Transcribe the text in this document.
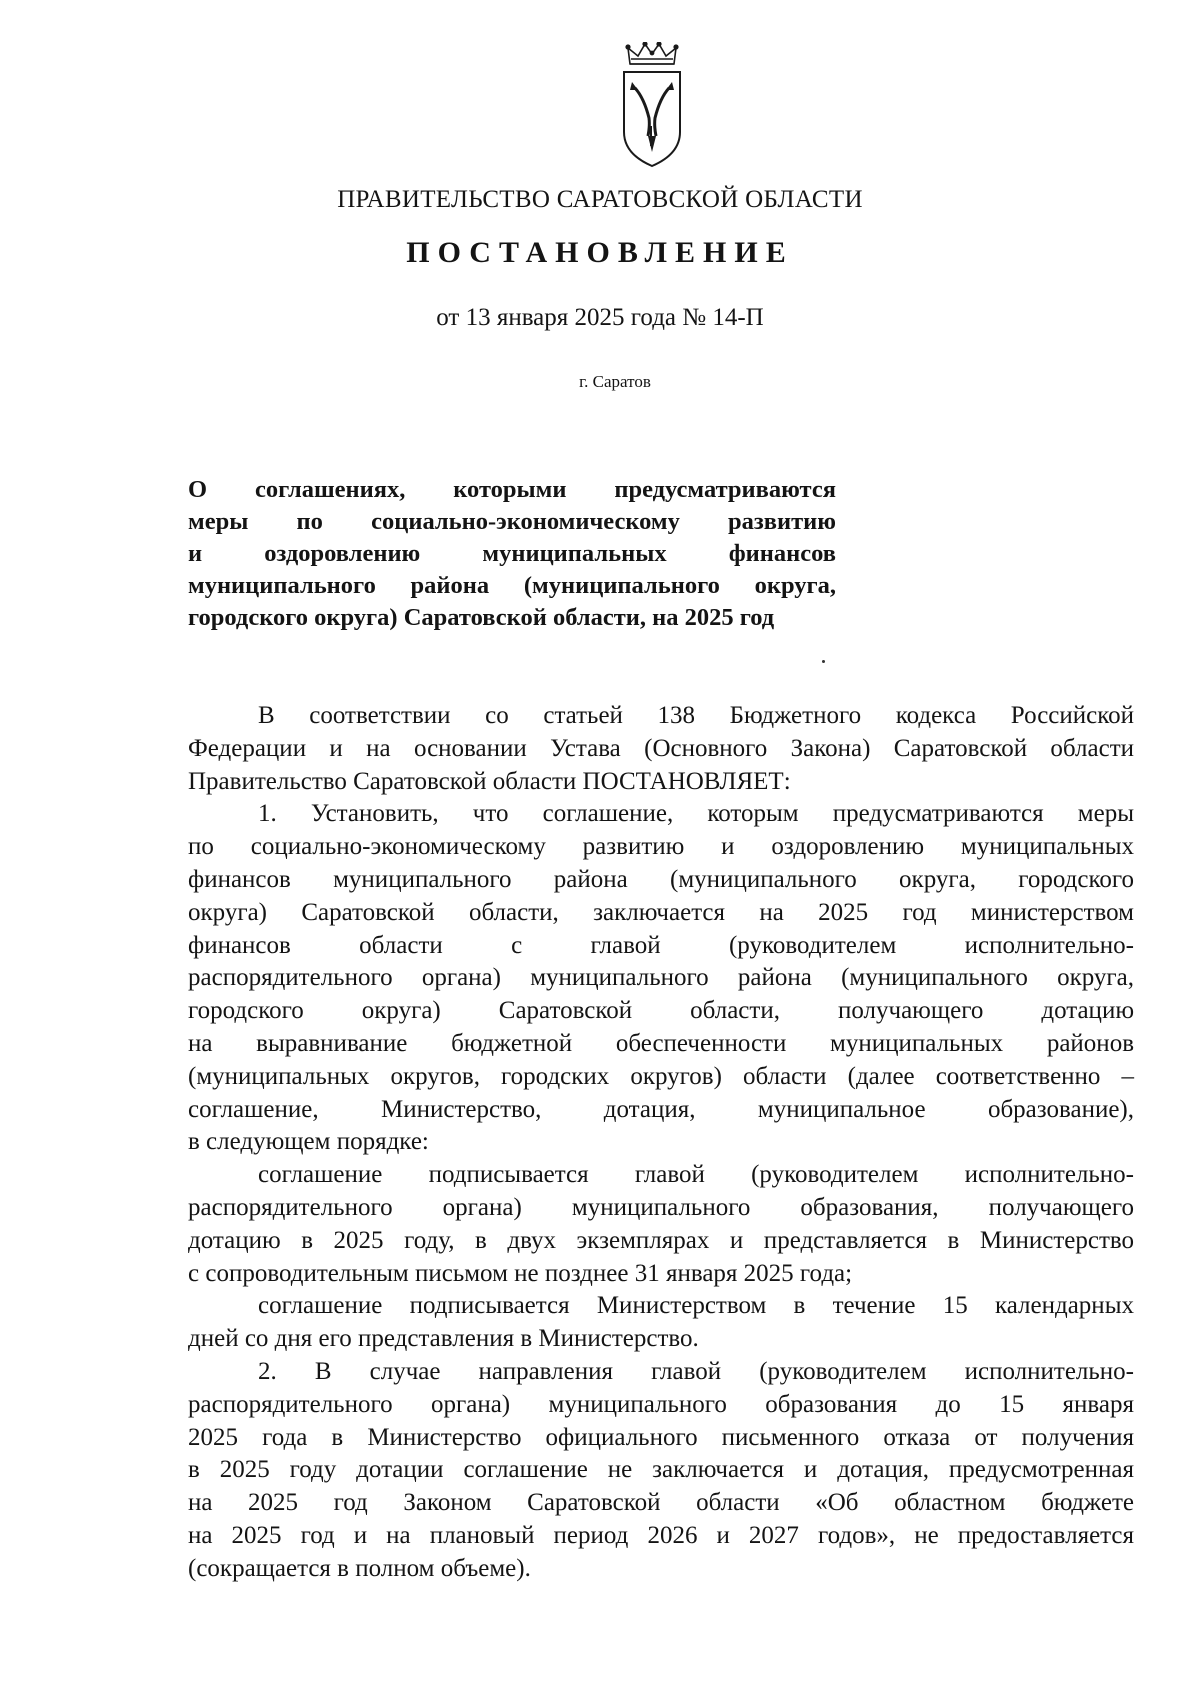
ПРАВИТЕЛЬСТВО САРАТОВСКОЙ ОБЛАСТИ
ПОСТАНОВЛЕНИЕ
от 13 января 2025 года № 14-П
г. Саратов
О соглашениях, которыми предусматриваются
меры по социально-экономическому развитию
и оздоровлению муниципальных финансов
муниципального района (муниципального округа,
городского округа) Саратовской области, на 2025 год
В соответствии со статьей 138 Бюджетного кодекса Российской
Федерации и на основании Устава (Основного Закона) Саратовской области
Правительство Саратовской области ПОСТАНОВЛЯЕТ:
1. Установить, что соглашение, которым предусматриваются меры
по социально-экономическому развитию и оздоровлению муниципальных
финансов муниципального района (муниципального округа, городского
округа) Саратовской области, заключается на 2025 год министерством
финансов области с главой (руководителем исполнительно-
распорядительного органа) муниципального района (муниципального округа,
городского округа) Саратовской области, получающего дотацию
на выравнивание бюджетной обеспеченности муниципальных районов
(муниципальных округов, городских округов) области (далее соответственно –
соглашение, Министерство, дотация, муниципальное образование),
в следующем порядке:
соглашение подписывается главой (руководителем исполнительно-
распорядительного органа) муниципального образования, получающего
дотацию в 2025 году, в двух экземплярах и представляется в Министерство
с сопроводительным письмом не позднее 31 января 2025 года;
соглашение подписывается Министерством в течение 15 календарных
дней со дня его представления в Министерство.
2. В случае направления главой (руководителем исполнительно-
распорядительного органа) муниципального образования до 15 января
2025 года в Министерство официального письменного отказа от получения
в 2025 году дотации соглашение не заключается и дотация, предусмотренная
на 2025 год Законом Саратовской области «Об областном бюджете
на 2025 год и на плановый период 2026 и 2027 годов», не предоставляется
(сокращается в полном объеме).
